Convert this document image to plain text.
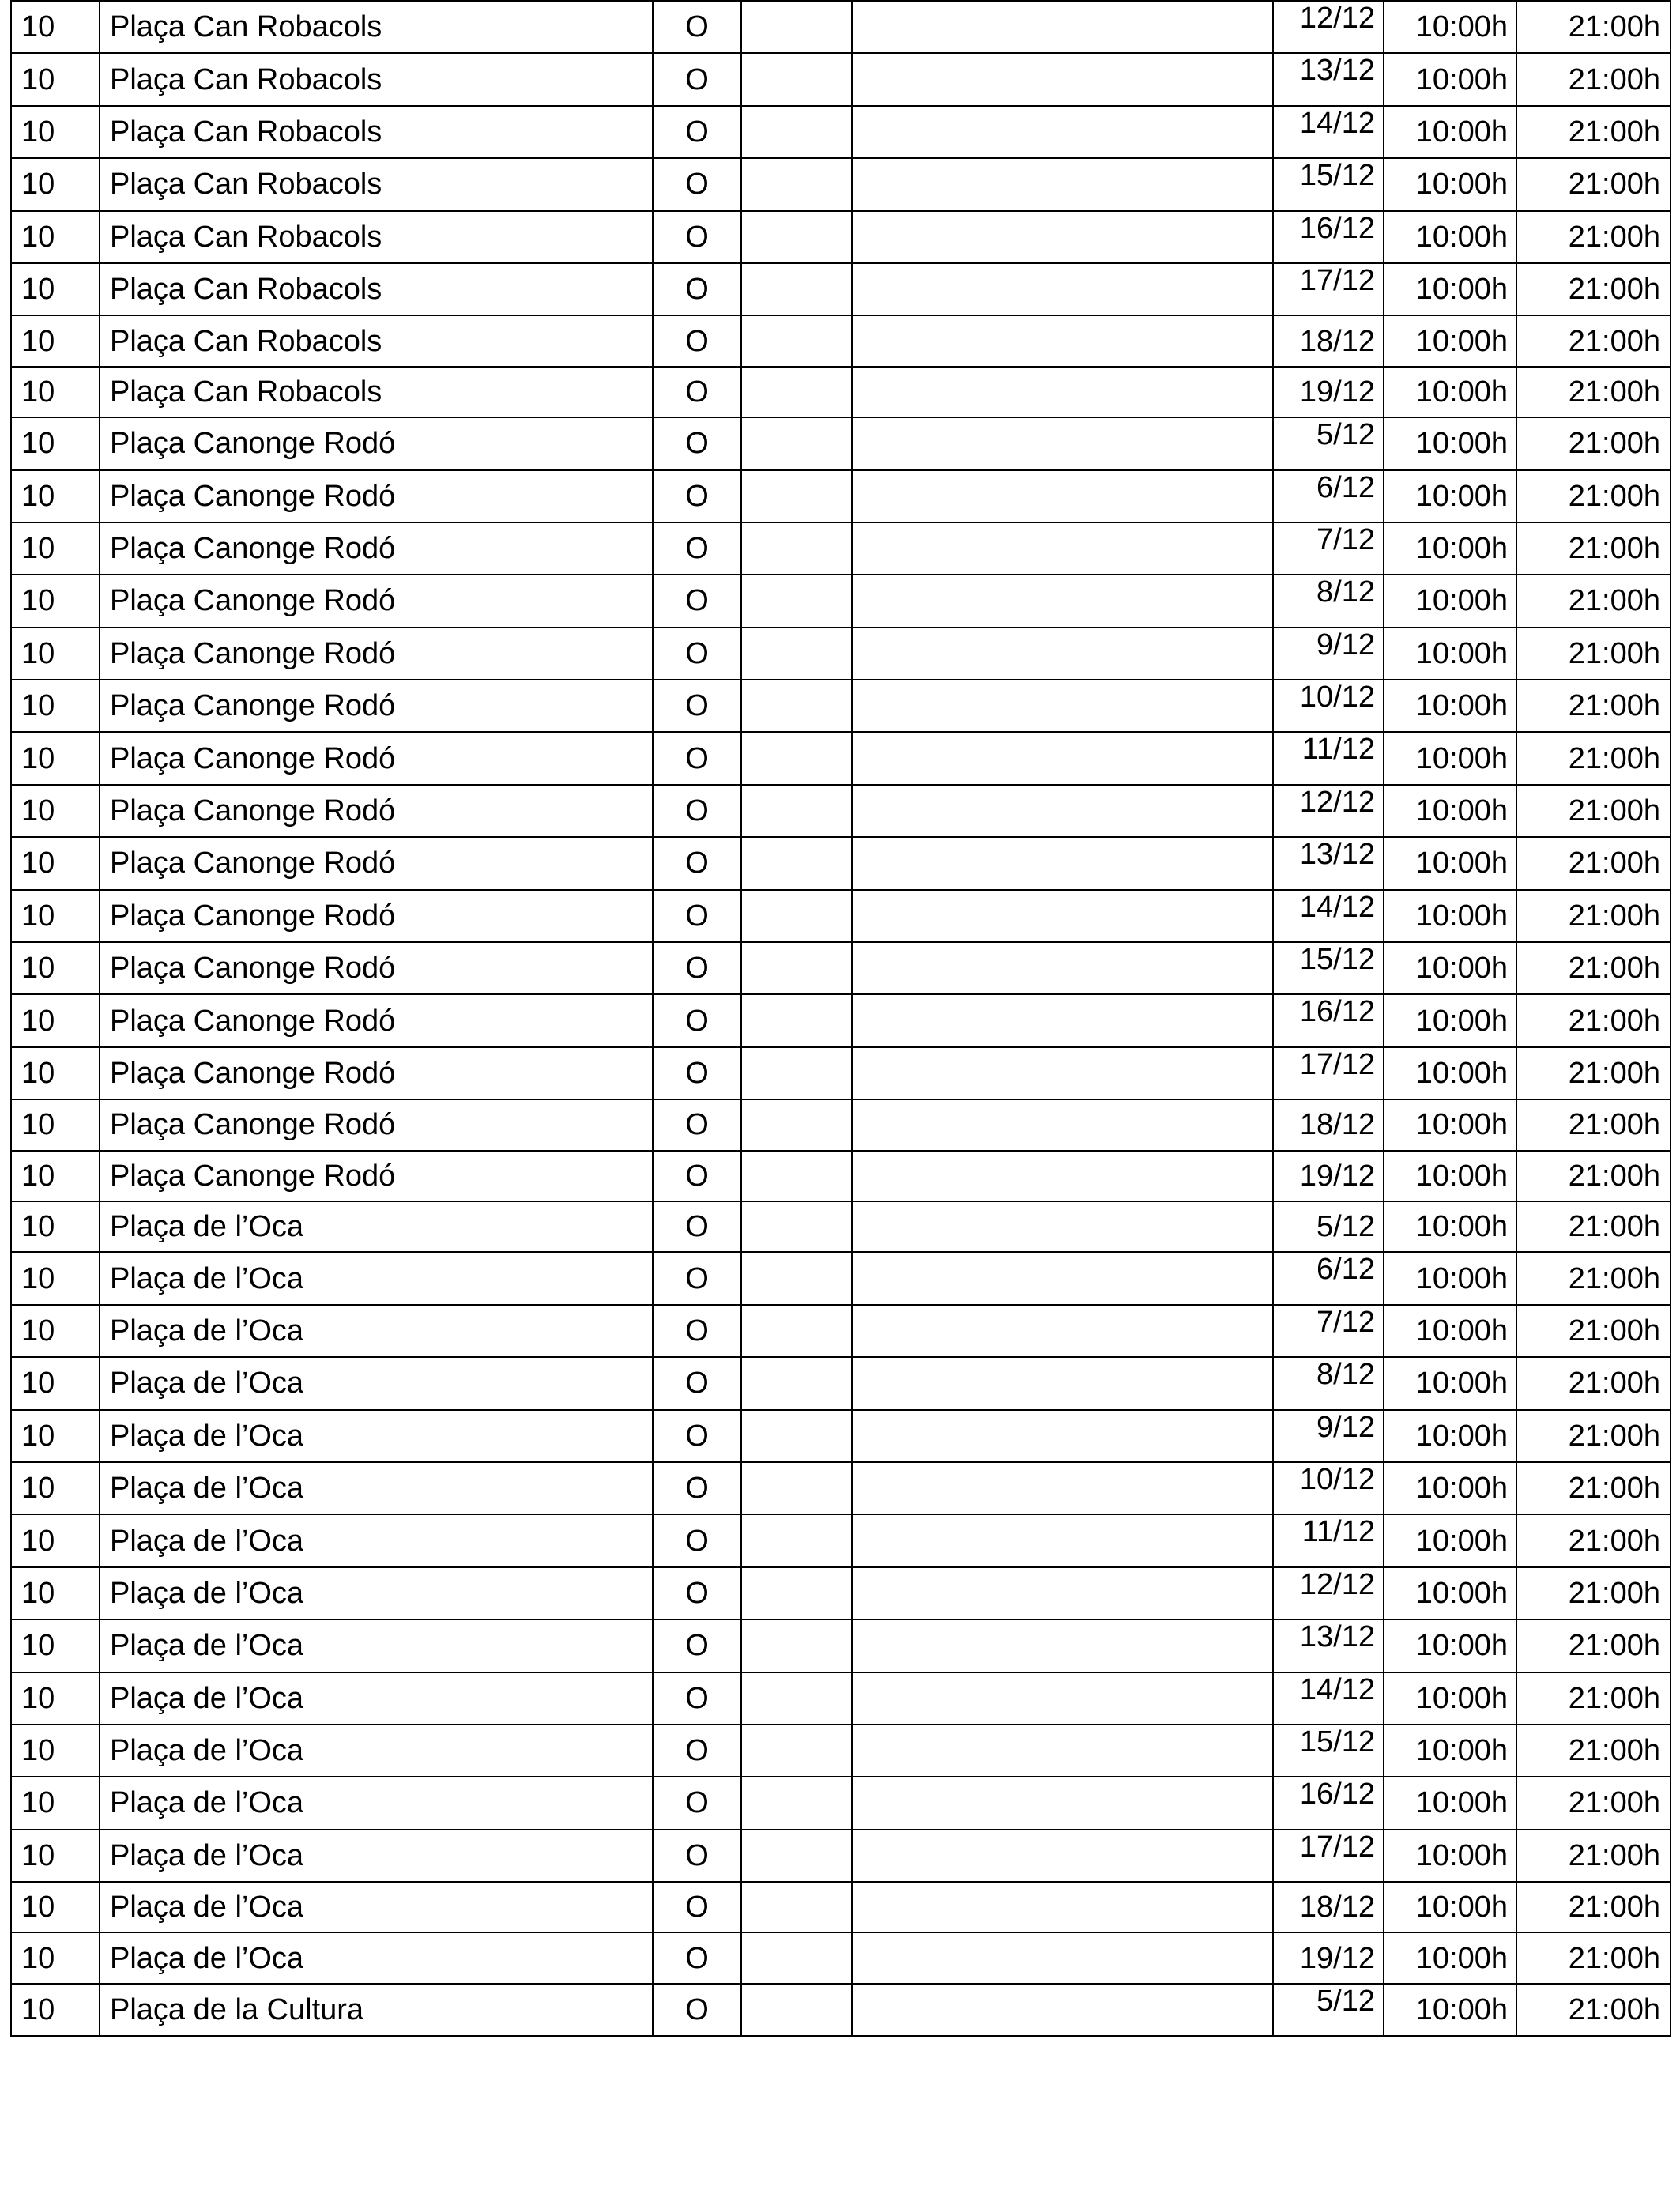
10	Plaça Can Robacols	O			12/12	10:00h	21:00h
10	Plaça Can Robacols	O			13/12	10:00h	21:00h
10	Plaça Can Robacols	O			14/12	10:00h	21:00h
10	Plaça Can Robacols	O			15/12	10:00h	21:00h
10	Plaça Can Robacols	O			16/12	10:00h	21:00h
10	Plaça Can Robacols	O			17/12	10:00h	21:00h
10	Plaça Can Robacols	O			18/12	10:00h	21:00h
10	Plaça Can Robacols	O			19/12	10:00h	21:00h
10	Plaça Canonge Rodó	O			5/12	10:00h	21:00h
10	Plaça Canonge Rodó	O			6/12	10:00h	21:00h
10	Plaça Canonge Rodó	O			7/12	10:00h	21:00h
10	Plaça Canonge Rodó	O			8/12	10:00h	21:00h
10	Plaça Canonge Rodó	O			9/12	10:00h	21:00h
10	Plaça Canonge Rodó	O			10/12	10:00h	21:00h
10	Plaça Canonge Rodó	O			11/12	10:00h	21:00h
10	Plaça Canonge Rodó	O			12/12	10:00h	21:00h
10	Plaça Canonge Rodó	O			13/12	10:00h	21:00h
10	Plaça Canonge Rodó	O			14/12	10:00h	21:00h
10	Plaça Canonge Rodó	O			15/12	10:00h	21:00h
10	Plaça Canonge Rodó	O			16/12	10:00h	21:00h
10	Plaça Canonge Rodó	O			17/12	10:00h	21:00h
10	Plaça Canonge Rodó	O			18/12	10:00h	21:00h
10	Plaça Canonge Rodó	O			19/12	10:00h	21:00h
10	Plaça de l’Oca	O			5/12	10:00h	21:00h
10	Plaça de l’Oca	O			6/12	10:00h	21:00h
10	Plaça de l’Oca	O			7/12	10:00h	21:00h
10	Plaça de l’Oca	O			8/12	10:00h	21:00h
10	Plaça de l’Oca	O			9/12	10:00h	21:00h
10	Plaça de l’Oca	O			10/12	10:00h	21:00h
10	Plaça de l’Oca	O			11/12	10:00h	21:00h
10	Plaça de l’Oca	O			12/12	10:00h	21:00h
10	Plaça de l’Oca	O			13/12	10:00h	21:00h
10	Plaça de l’Oca	O			14/12	10:00h	21:00h
10	Plaça de l’Oca	O			15/12	10:00h	21:00h
10	Plaça de l’Oca	O			16/12	10:00h	21:00h
10	Plaça de l’Oca	O			17/12	10:00h	21:00h
10	Plaça de l’Oca	O			18/12	10:00h	21:00h
10	Plaça de l’Oca	O			19/12	10:00h	21:00h
10	Plaça de la Cultura	O			5/12	10:00h	21:00h
